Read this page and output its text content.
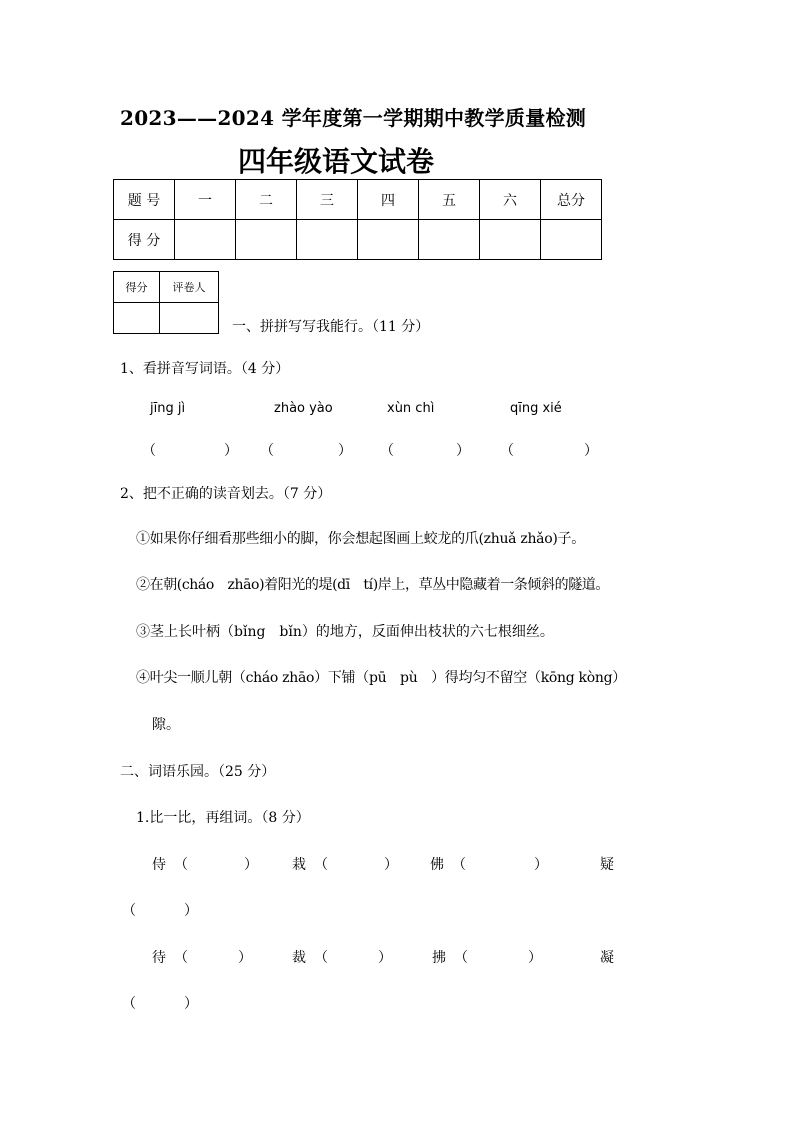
2023——2024 学年度第一学期期中教学质量检测
四年级语文试卷
题 号	一	二	三	四	五	六	总分
得 分							
得分	评卷人

一、拼拼写写我能行。（11 分）
1、看拼音写词语。（4 分）
jīng jì	zhào yào	xùn chì	qīng xié
（	） （	） （	） （	）
2、把不正确的读音划去。（7 分）
①如果你仔细看那些细小的脚，你会想起图画上蛟龙的爪(zhuǎ zhǎo)子。
②在朝(cháo　zhāo)着阳光的堤(dī　tí)岸上，草丛中隐藏着一条倾斜的隧道。
③茎上长叶柄（bǐng　bǐn）的地方，反面伸出枝状的六七根细丝。
④叶尖一顺儿朝（cháo zhāo）下铺（pū　pù　）得均匀不留空（kōng kòng）
隙。
二、词语乐园。（25 分）
1.比一比，再组词。（8 分）
侍 （	） 栽 （	） 佛 （	）	疑
（	）
待 （	）	裁 （	）	拂 （	）	凝
（	）
